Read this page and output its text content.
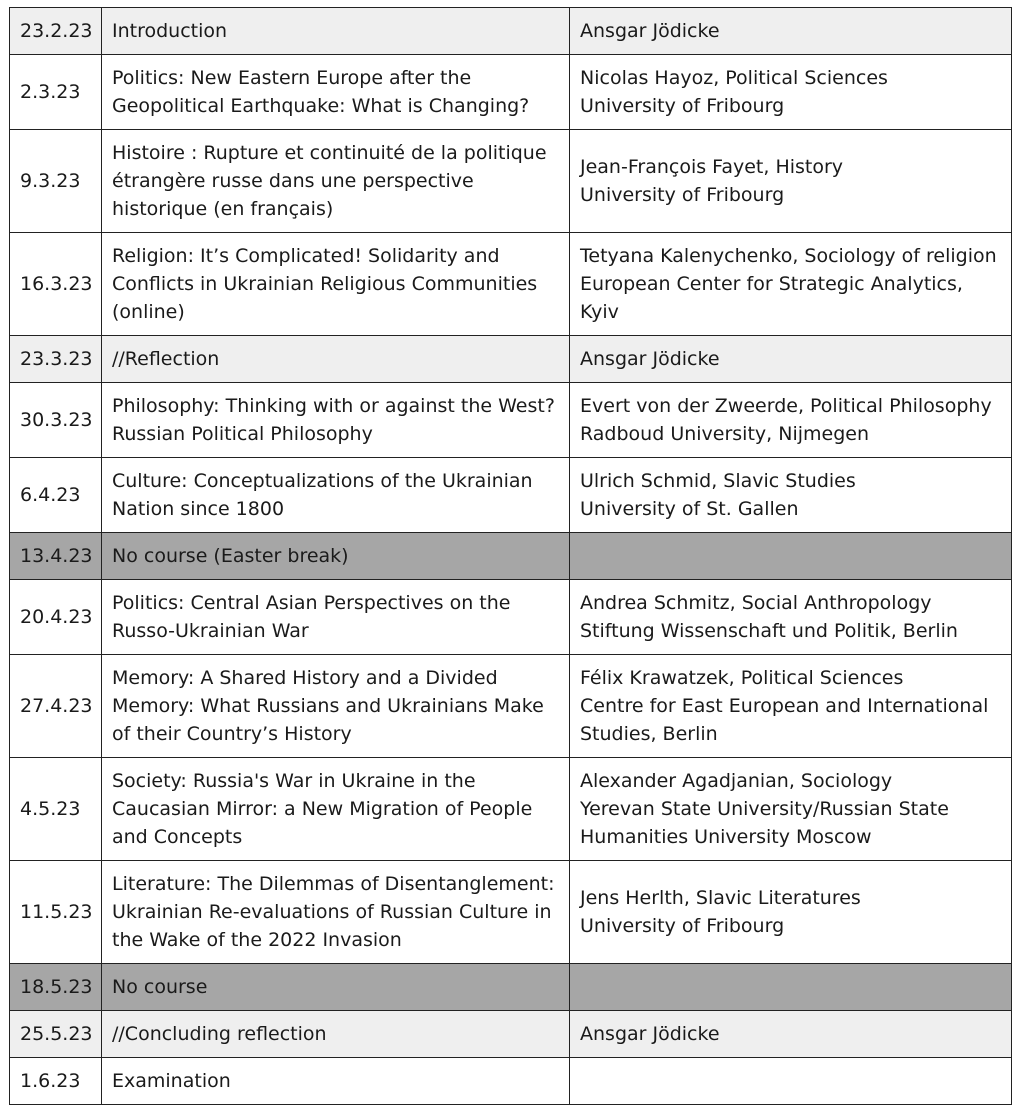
23.2.23	Introduction	Ansgar Jödicke

2.3.23	Politics: New Eastern Europe after the
Geopolitical Earthquake: What is Changing?	Nicolas Hayoz, Political Sciences
University of Fribourg

9.3.23	Histoire : Rupture et continuité de la politique
étrangère russe dans une perspective
historique (en français)	Jean-François Fayet, History
University of Fribourg

16.3.23	Religion: It’s Complicated! Solidarity and
Conflicts in Ukrainian Religious Communities
(online)	Tetyana Kalenychenko, Sociology of religion
European Center for Strategic Analytics, Kyiv

23.3.23	//Reflection	Ansgar Jödicke

30.3.23	Philosophy: Thinking with or against the West?
Russian Political Philosophy	Evert von der Zweerde, Political Philosophy
Radboud University, Nijmegen

6.4.23	Culture: Conceptualizations of the Ukrainian
Nation since 1800	Ulrich Schmid, Slavic Studies
University of St. Gallen

13.4.23	No course (Easter break)	

20.4.23	Politics: Central Asian Perspectives on the
Russo-Ukrainian War	Andrea Schmitz, Social Anthropology
Stiftung Wissenschaft und Politik, Berlin

27.4.23	Memory: A Shared History and a Divided
Memory: What Russians and Ukrainians Make
of their Country’s History	Félix Krawatzek, Political Sciences
Centre for East European and International
Studies, Berlin

4.5.23	Society: Russia's War in Ukraine in the
Caucasian Mirror: a New Migration of People
and Concepts	Alexander Agadjanian, Sociology
Yerevan State University/Russian State
Humanities University Moscow

11.5.23	Literature: The Dilemmas of Disentanglement:
Ukrainian Re-evaluations of Russian Culture in
the Wake of the 2022 Invasion	Jens Herlth, Slavic Literatures
University of Fribourg

18.5.23	No course	

25.5.23	//Concluding reflection	Ansgar Jödicke

1.6.23	Examination	
